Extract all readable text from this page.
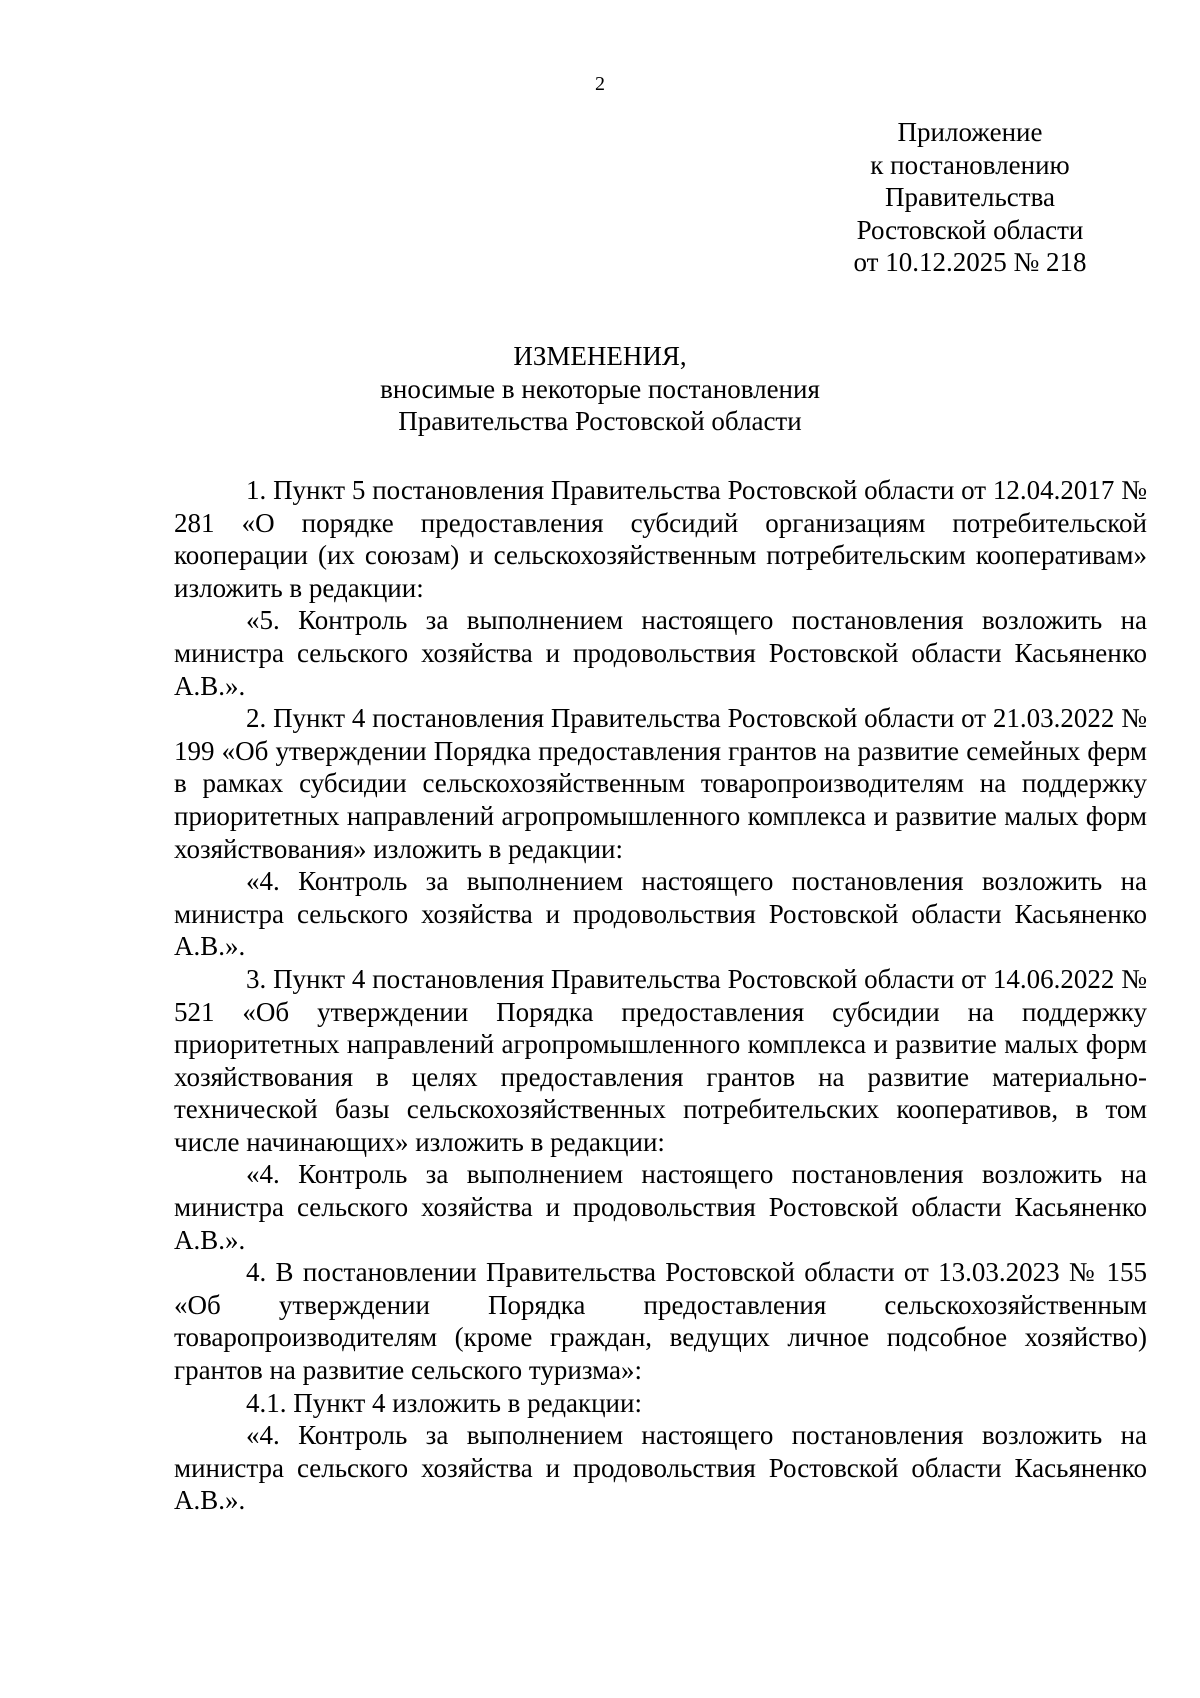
2
Приложение
к постановлению
Правительства
Ростовской области
от 10.12.2025 № 218
ИЗМЕНЕНИЯ,
вносимые в некоторые постановления
Правительства Ростовской области

1. Пункт 5 постановления Правительства Ростовской области от 12.04.2017 № 281 «О порядке предоставления субсидий организациям потребительской кооперации (их союзам) и сельскохозяйственным потребительским кооперативам» изложить в редакции:

«5. Контроль за выполнением настоящего постановления возложить на министра сельского хозяйства и продовольствия Ростовской области Касьяненко А.В.».

2. Пункт 4 постановления Правительства Ростовской области от 21.03.2022 № 199 «Об утверждении Порядка предоставления грантов на развитие семейных ферм в рамках субсидии сельскохозяйственным товаропроизводителям на поддержку приоритетных направлений агропромышленного комплекса и развитие малых форм хозяйствования» изложить в редакции:

«4. Контроль за выполнением настоящего постановления возложить на министра сельского хозяйства и продовольствия Ростовской области Касьяненко А.В.».

3. Пункт 4 постановления Правительства Ростовской области от 14.06.2022 № 521 «Об утверждении Порядка предоставления субсидии на поддержку приоритетных направлений агропромышленного комплекса и развитие малых форм хозяйствования в целях предоставления грантов на развитие материально-технической базы сельскохозяйственных потребительских кооперативов, в том числе начинающих» изложить в редакции:

«4. Контроль за выполнением настоящего постановления возложить на министра сельского хозяйства и продовольствия Ростовской области Касьяненко А.В.».

4. В постановлении Правительства Ростовской области от 13.03.2023 № 155 «Об утверждении Порядка предоставления сельскохозяйственным товаропроизводителям (кроме граждан, ведущих личное подсобное хозяйство) грантов на развитие сельского туризма»:

4.1. Пункт 4 изложить в редакции:

«4. Контроль за выполнением настоящего постановления возложить на министра сельского хозяйства и продовольствия Ростовской области Касьяненко А.В.».
